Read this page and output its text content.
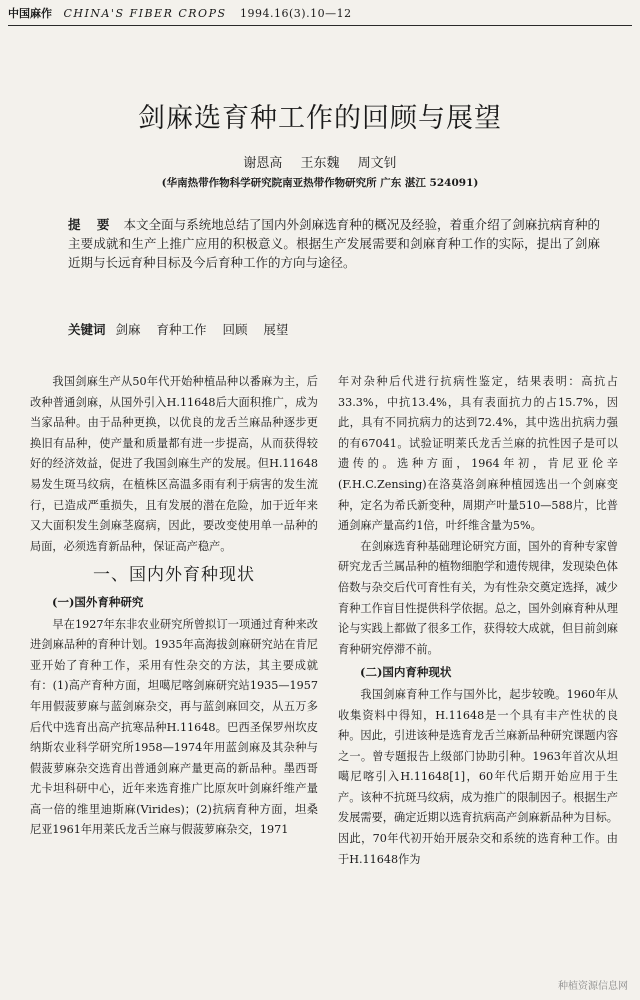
中国麻作 CHINA'S FIBER CROPS 1994.16(3).10—12
剑麻选育种工作的回顾与展望
谢恩高 王东魏 周文钊
(华南热带作物科学研究院南亚热带作物研究所 广东 湛江 524091)
提 要 本文全面与系统地总结了国内外剑麻选育种的概况及经验，着重介绍了剑麻抗病育种的主要成就和生产上推广应用的积极意义。根据生产发展需要和剑麻育种工作的实际，提出了剑麻近期与长远育种目标及今后育种工作的方向与途径。
关键词 剑麻 育种工作 回顾 展望

我国剑麻生产从50年代开始种植品种以番麻为主，后改种普通剑麻，从国外引入H.11648后大面积推广，成为当家品种。由于品种更换，以优良的龙舌兰麻品种逐步更换旧有品种，使产量和质量都有进一步提高，从而获得较好的经济效益，促进了我国剑麻生产的发展。但H.11648易发生斑马纹病，在植株区高温多雨有利于病害的发生流行，已造成严重损失，且有发展的潜在危险，加于近年来又大面积发生剑麻茎腐病，因此，要改变使用单一品种的局面，必须选育新品种，保证高产稳产。

一、国内外育种现状
(一)国外育种研究

早在1927年东非农业研究所曾拟订一项通过育种来改进剑麻品种的育种计划。1935年高海拔剑麻研究站在肯尼亚开始了育种工作，采用有性杂交的方法，其主要成就有：(1)高产育种方面，坦噶尼喀剑麻研究站1935—1957年用假菠萝麻与蓝剑麻杂交，再与蓝剑麻回交，从五万多后代中选育出高产抗寒品种H.11648。巴西圣保罗州坎皮纳斯农业科学研究所1958—1974年用蓝剑麻及其杂种与假菠萝麻杂交选育出普通剑麻产量更高的新品种。墨西哥尤卡坦科研中心，近年来选育推广比原灰叶剑麻纤维产量高一倍的维里迪斯麻(Virides)；(2)抗病育种方面，坦桑尼亚1961年用莱氏龙舌兰麻与假菠萝麻杂交，1971

年对杂种后代进行抗病性鉴定，结果表明：高抗占33.3%，中抗13.4%，具有表面抗力的占15.7%，因此，具有不同抗病力的达到72.4%，其中选出抗病力强的有67041。试验证明莱氏龙舌兰麻的抗性因子是可以遗传的。选种方面，1964年初，肯尼亚伦辛(F.H.C.Zensing)在洛莫洛剑麻种植园选出一个剑麻变种，定名为希氏新变种，周期产叶量510—588片，比普通剑麻产量高约1倍，叶纤维含量为5%。

在剑麻选育种基础理论研究方面，国外的育种专家曾研究龙舌兰属品种的植物细胞学和遗传规律，发现染色体倍数与杂交后代可育性有关，为有性杂交奠定选择，减少育种工作盲目性提供科学依据。总之，国外剑麻育种从理论与实践上都做了很多工作，获得较大成就，但目前剑麻育种研究停滞不前。

(二)国内育种现状

我国剑麻育种工作与国外比，起步较晚。1960年从收集资料中得知，H.11648是一个具有丰产性状的良种。因此，引进该种是选育龙舌兰麻新品种研究课题内容之一。曾专题报告上级部门协助引种。1963年首次从坦噶尼喀引入H.11648[1]，60年代后期开始应用于生产。该种不抗斑马纹病，成为推广的限制因子。根据生产发展需要，确定近期以选育抗病高产剑麻新品种为目标。因此，70年代初开始开展杂交和系统的选育种工作。由于H.11648作为

种植资源信息网
